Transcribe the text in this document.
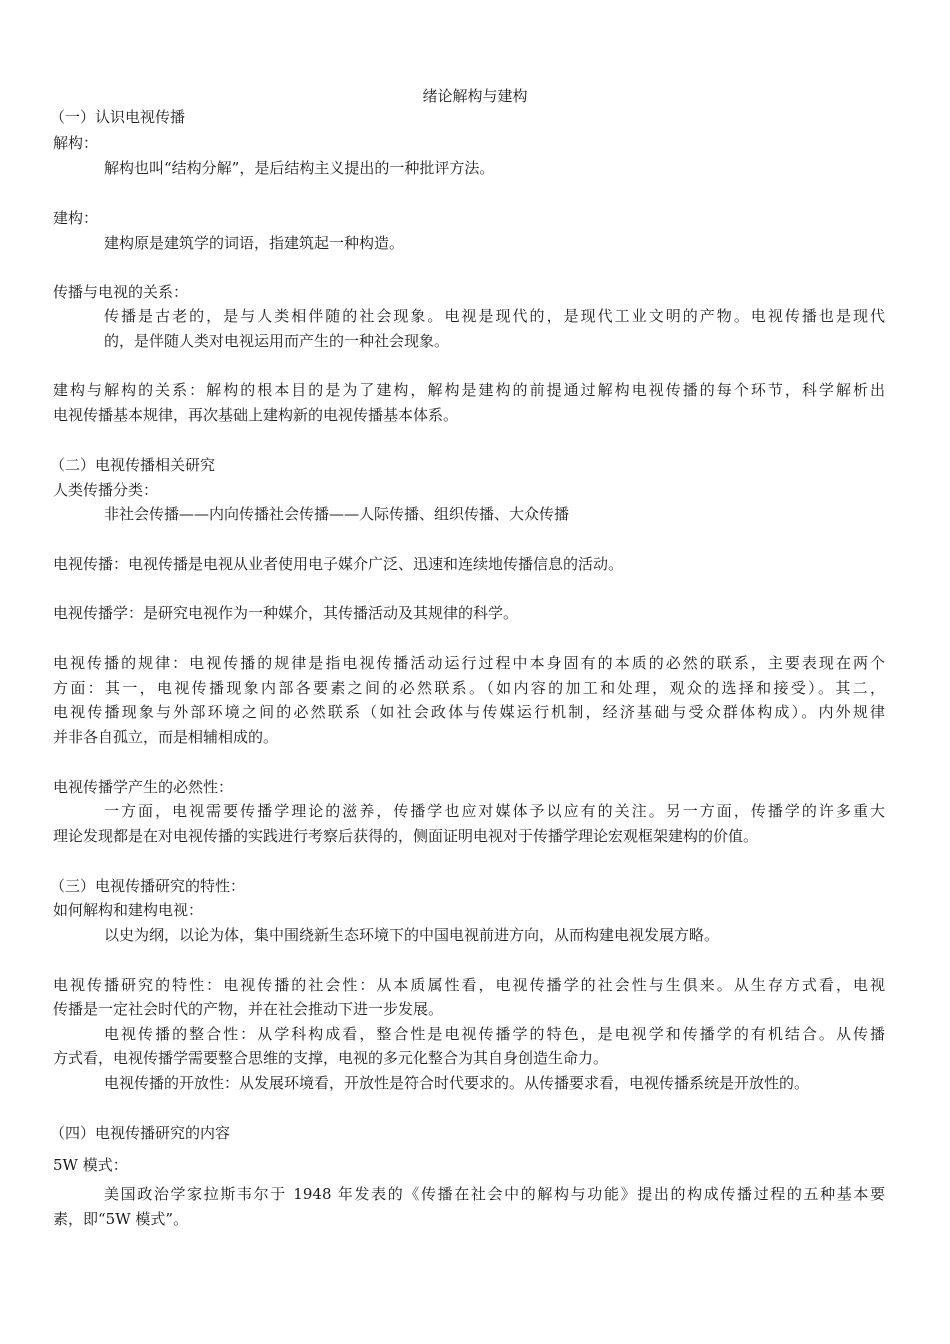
绪论解构与建构
（一）认识电视传播
解构：
解构也叫“结构分解”，是后结构主义提出的一种批评方法。
建构：
建构原是建筑学的词语，指建筑起一种构造。
传播与电视的关系：
传播是古老的，是与人类相伴随的社会现象。电视是现代的，是现代工业文明的产物。电视传播也是现代
的，是伴随人类对电视运用而产生的一种社会现象。
建构与解构的关系：解构的根本目的是为了建构，解构是建构的前提通过解构电视传播的每个环节，科学解析出
电视传播基本规律，再次基础上建构新的电视传播基本体系。
（二）电视传播相关研究
人类传播分类：
非社会传播——内向传播社会传播——人际传播、组织传播、大众传播
电视传播：电视传播是电视从业者使用电子媒介广泛、迅速和连续地传播信息的活动。
电视传播学：是研究电视作为一种媒介，其传播活动及其规律的科学。
电视传播的规律：电视传播的规律是指电视传播活动运行过程中本身固有的本质的必然的联系，主要表现在两个
方面：其一，电视传播现象内部各要素之间的必然联系。（如内容的加工和处理，观众的选择和接受）。其二，
电视传播现象与外部环境之间的必然联系（如社会政体与传媒运行机制，经济基础与受众群体构成）。内外规律
并非各自孤立，而是相辅相成的。
电视传播学产生的必然性：
一方面，电视需要传播学理论的滋养，传播学也应对媒体予以应有的关注。另一方面，传播学的许多重大
理论发现都是在对电视传播的实践进行考察后获得的，侧面证明电视对于传播学理论宏观框架建构的价值。
（三）电视传播研究的特性：
如何解构和建构电视：
以史为纲，以论为体，集中围绕新生态环境下的中国电视前进方向，从而构建电视发展方略。
电视传播研究的特性：电视传播的社会性：从本质属性看，电视传播学的社会性与生俱来。从生存方式看，电视
传播是一定社会时代的产物，并在社会推动下进一步发展。
电视传播的整合性：从学科构成看，整合性是电视传播学的特色，是电视学和传播学的有机结合。从传播
方式看，电视传播学需要整合思维的支撑，电视的多元化整合为其自身创造生命力。
电视传播的开放性：从发展环境看，开放性是符合时代要求的。从传播要求看，电视传播系统是开放性的。
（四）电视传播研究的内容
5W 模式：
美国政治学家拉斯韦尔于 1948 年发表的《传播在社会中的解构与功能》提出的构成传播过程的五种基本要
素，即“5W 模式”。
